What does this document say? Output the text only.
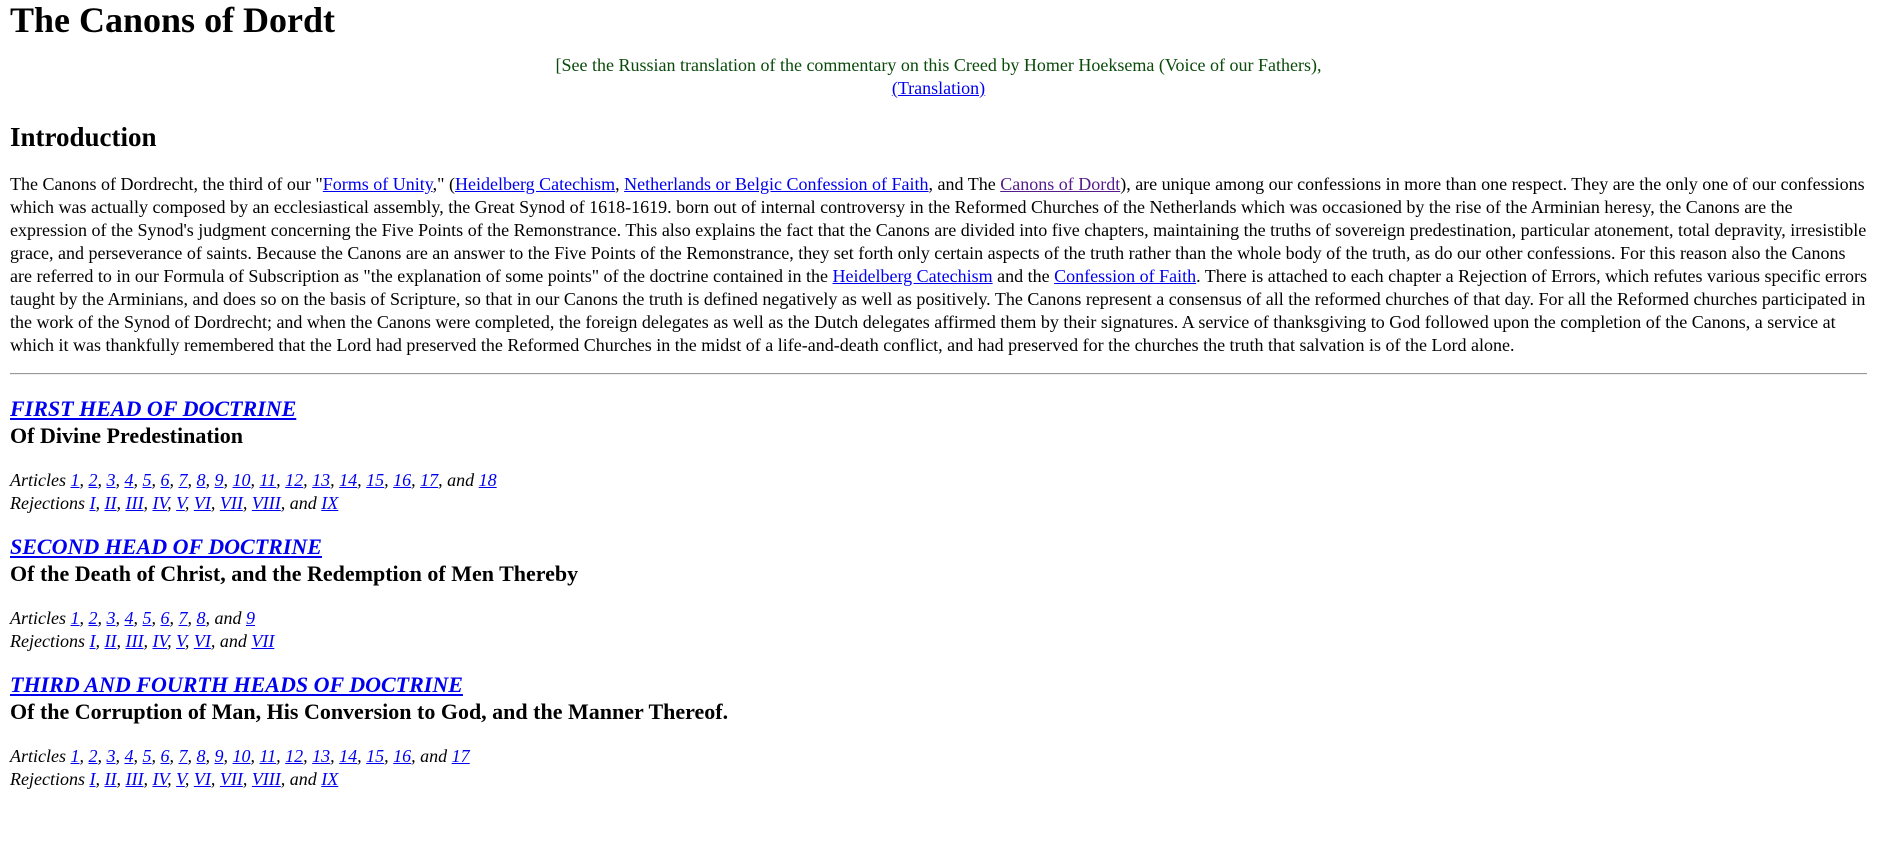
The Canons of Dordt
[See the Russian translation of the commentary on this Creed by Homer Hoeksema (Voice of our Fathers),
(Translation)
Introduction

The Canons of Dordrecht, the third of our "Forms of Unity," (Heidelberg Catechism, Netherlands or Belgic Confession of Faith, and The Canons of Dordt), are unique among our confessions in more than one respect. They are the only one of our confessions which was actually composed by an ecclesiastical assembly, the Great Synod of 1618-1619. born out of internal controversy in the Reformed Churches of the Netherlands which was occasioned by the rise of the Arminian heresy, the Canons are the expression of the Synod's judgment concerning the Five Points of the Remonstrance. This also explains the fact that the Canons are divided into five chapters, maintaining the truths of sovereign predestination, particular atonement, total depravity, irresistible grace, and perseverance of saints. Because the Canons are an answer to the Five Points of the Remonstrance, they set forth only certain aspects of the truth rather than the whole body of the truth, as do our other confessions. For this reason also the Canons are referred to in our Formula of Subscription as "the explanation of some points" of the doctrine contained in the Heidelberg Catechism and the Confession of Faith. There is attached to each chapter a Rejection of Errors, which refutes various specific errors taught by the Arminians, and does so on the basis of Scripture, so that in our Canons the truth is defined negatively as well as positively. The Canons represent a consensus of all the reformed churches of that day. For all the Reformed churches participated in the work of the Synod of Dordrecht; and when the Canons were completed, the foreign delegates as well as the Dutch delegates affirmed them by their signatures. A service of thanksgiving to God followed upon the completion of the Canons, a service at which it was thankfully remembered that the Lord had preserved the Reformed Churches in the midst of a life-and-death conflict, and had preserved for the churches the truth that salvation is of the Lord alone.

FIRST HEAD OF DOCTRINE
Of Divine Predestination
Articles 1, 2, 3, 4, 5, 6, 7, 8, 9, 10, 11, 12, 13, 14, 15, 16, 17, and 18
Rejections I, II, III, IV, V, VI, VII, VIII, and IX
SECOND HEAD OF DOCTRINE
Of the Death of Christ, and the Redemption of Men Thereby
Articles 1, 2, 3, 4, 5, 6, 7, 8, and 9
Rejections I, II, III, IV, V, VI, and VII
THIRD AND FOURTH HEADS OF DOCTRINE
Of the Corruption of Man, His Conversion to God, and the Manner Thereof.
Articles 1, 2, 3, 4, 5, 6, 7, 8, 9, 10, 11, 12, 13, 14, 15, 16, and 17
Rejections I, II, III, IV, V, VI, VII, VIII, and IX
